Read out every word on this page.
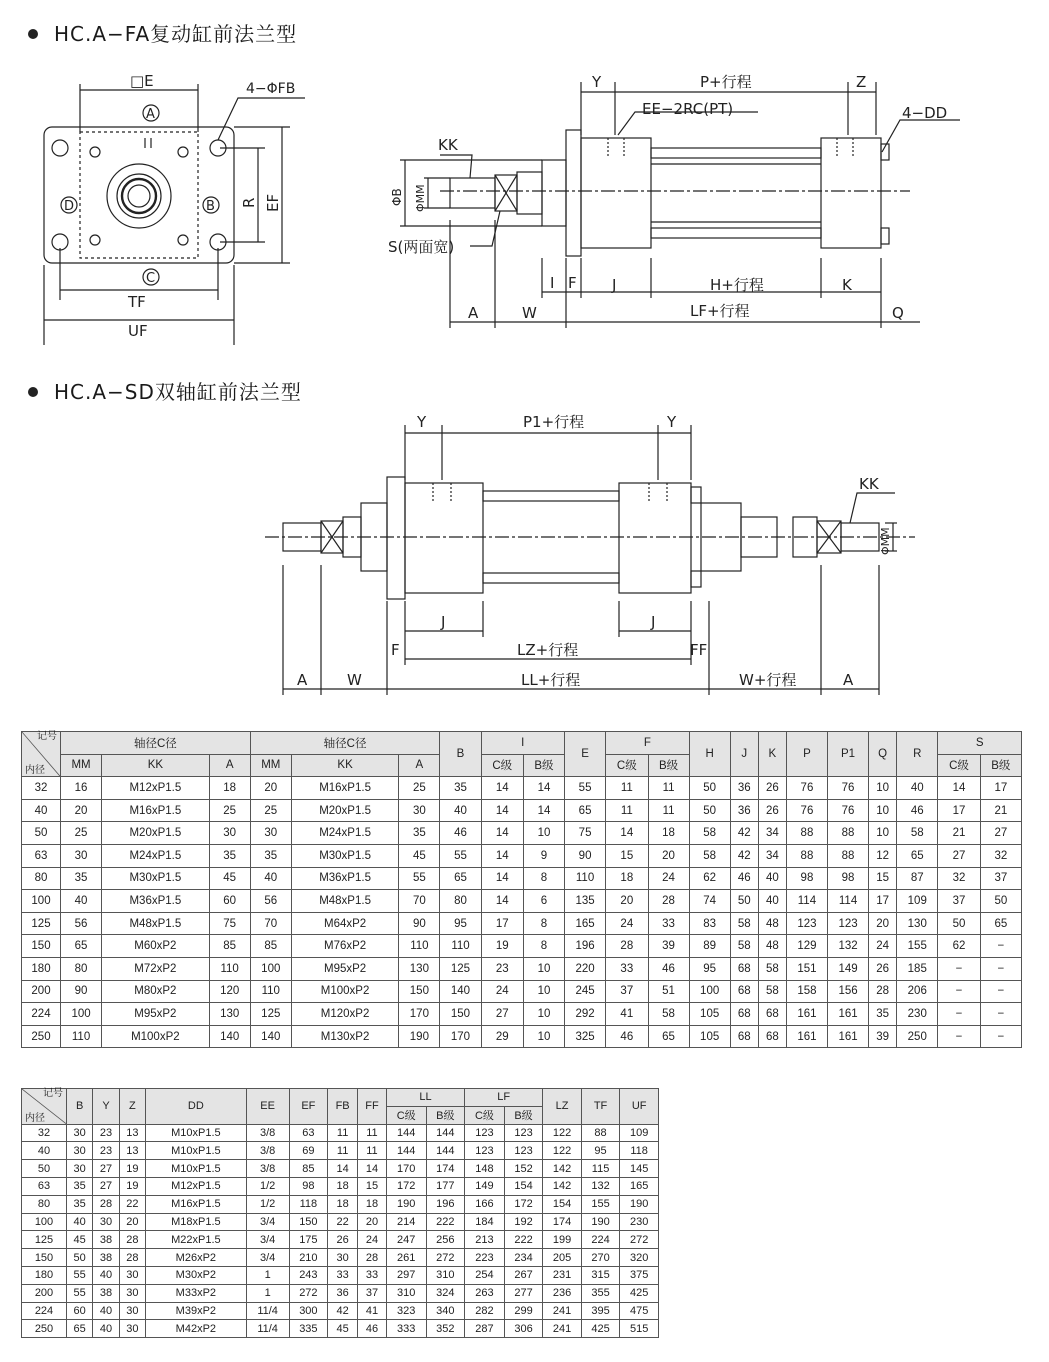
HC.A−FA复动缸前法兰型
□E	4−ΦFB
A
C
D	B R EF
TF
UF
Y	P+行程	Z
EE−2RC(PT)	4−DD
KK
ΦB ΦMM
S(两面宽)
I F J	H+行程	K
A	W	LF+行程	Q
HC.A−SD双轴缸前法兰型
Y	P1+行程	Y
KK
ΦMM
J	J
F	LZ+行程	FF
A	W	LL+行程	W+行程	A
记号
内径	轴径C径			轴径C径			B	I		E	F		H	J	K	P	P1	Q	R	S	
	MM	KK	A	MM	KK	A		C级	B级		C级	B级								C级	B级
32	16	M12xP1.5	18	20	M16xP1.5	25	35	14	14	55	11	11	50	36	26	76	76	10	40	14	17
40	20	M16xP1.5	25	25	M20xP1.5	30	40	14	14	65	11	11	50	36	26	76	76	10	46	17	21
50	25	M20xP1.5	30	30	M24xP1.5	35	46	14	10	75	14	18	58	42	34	88	88	10	58	21	27
63	30	M24xP1.5	35	35	M30xP1.5	45	55	14	9	90	15	20	58	42	34	88	88	12	65	27	32
80	35	M30xP1.5	45	40	M36xP1.5	55	65	14	8	110	18	24	62	46	40	98	98	15	87	32	37
100	40	M36xP1.5	60	56	M48xP1.5	70	80	14	6	135	20	28	74	50	40	114	114	17	109	37	50
125	56	M48xP1.5	75	70	M64xP2	90	95	17	8	165	24	33	83	58	48	123	123	20	130	50	65
150	65	M60xP2	85	85	M76xP2	110	110	19	8	196	28	39	89	58	48	129	132	24	155	62	−
180	80	M72xP2	110	100	M95xP2	130	125	23	10	220	33	46	95	68	58	151	149	26	185	−	−
200	90	M80xP2	120	110	M100xP2	150	140	24	10	245	37	51	100	68	58	158	156	28	206	−	−
224	100	M95xP2	130	125	M120xP2	170	150	27	10	292	41	58	105	68	68	161	161	35	230	−	−
250	110	M100xP2	140	140	M130xP2	190	170	29	10	325	46	65	105	68	68	161	161	39	250	−	−
记号
内径	B	Y	Z	DD	EE	EF	FB	FF	LL		LF		LZ	TF	UF
									C级	B级	C级	B级			
32	30	23	13	M10xP1.5	3/8	63	11	11	144	144	123	123	122	88	109
40	30	23	13	M10xP1.5	3/8	69	11	11	144	144	123	123	122	95	118
50	30	27	19	M10xP1.5	3/8	85	14	14	170	174	148	152	142	115	145
63	35	27	19	M12xP1.5	1/2	98	18	15	172	177	149	154	142	132	165
80	35	28	22	M16xP1.5	1/2	118	18	18	190	196	166	172	154	155	190
100	40	30	20	M18xP1.5	3/4	150	22	20	214	222	184	192	174	190	230
125	45	38	28	M22xP1.5	3/4	175	26	24	247	256	213	222	199	224	272
150	50	38	28	M26xP2	3/4	210	30	28	261	272	223	234	205	270	320
180	55	40	30	M30xP2	1	243	33	33	297	310	254	267	231	315	375
200	55	38	30	M33xP2	1	272	36	37	310	324	263	277	236	355	425
224	60	40	30	M39xP2	11/4	300	42	41	323	340	282	299	241	395	475
250	65	40	30	M42xP2	11/4	335	45	46	333	352	287	306	241	425	515
